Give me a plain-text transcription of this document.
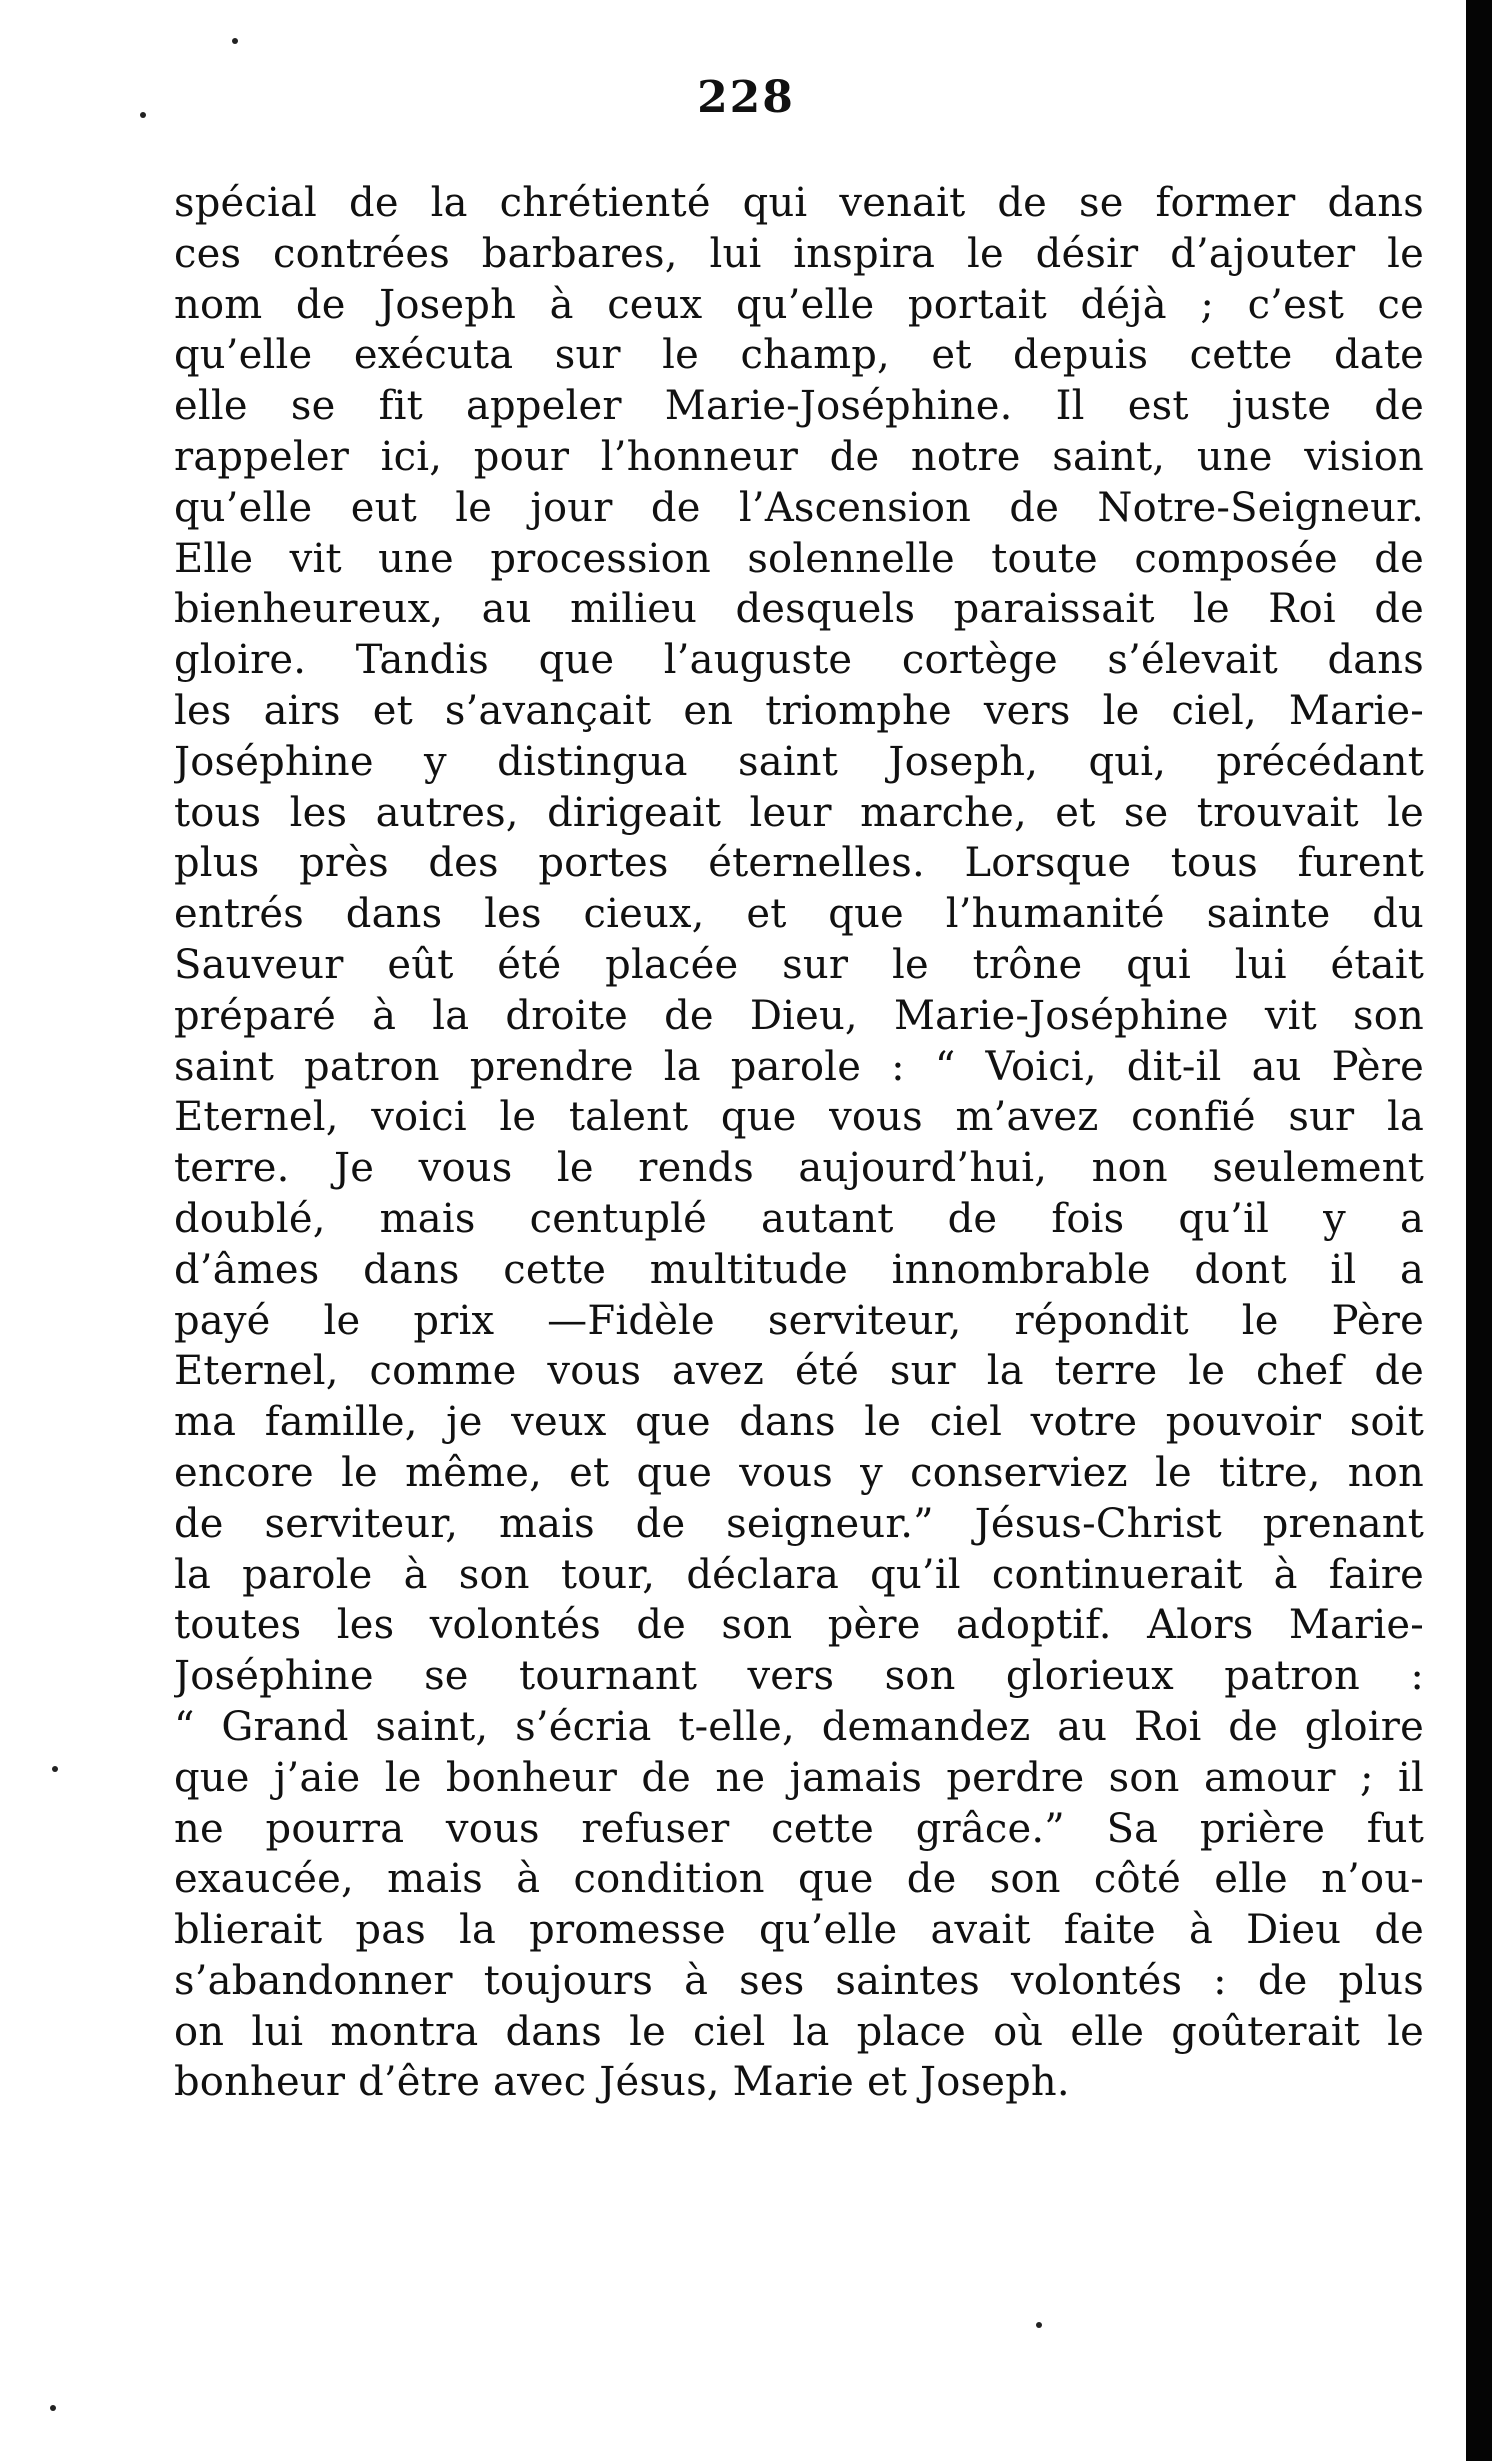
228
spécial de la chrétienté qui venait de se former dans
ces contrées barbares, lui inspira le désir d’ajouter le
nom de Joseph à ceux qu’elle portait déjà ; c’est ce
qu’elle exécuta sur le champ, et depuis cette date
elle se fit appeler Marie-Joséphine. Il est juste de
rappeler ici, pour l’honneur de notre saint, une vision
qu’elle eut le jour de l’Ascension de Notre-Seigneur.
Elle vit une procession solennelle toute composée de
bienheureux, au milieu desquels paraissait le Roi de
gloire. Tandis que l’auguste cortège s’élevait dans
les airs et s’avançait en triomphe vers le ciel, Marie-
Joséphine y distingua saint Joseph, qui, précédant
tous les autres, dirigeait leur marche, et se trouvait le
plus près des portes éternelles. Lorsque tous furent
entrés dans les cieux, et que l’humanité sainte du
Sauveur eût été placée sur le trône qui lui était
préparé à la droite de Dieu, Marie-Joséphine vit son
saint patron prendre la parole : “ Voici, dit-il au Père
Eternel, voici le talent que vous m’avez confié sur la
terre. Je vous le rends aujourd’hui, non seulement
doublé, mais centuplé autant de fois qu’il y a
d’âmes dans cette multitude innombrable dont il a
payé le prix —Fidèle serviteur, répondit le Père
Eternel, comme vous avez été sur la terre le chef de
ma famille, je veux que dans le ciel votre pouvoir soit
encore le même, et que vous y conserviez le titre, non
de serviteur, mais de seigneur.” Jésus-Christ prenant
la parole à son tour, déclara qu’il continuerait à faire
toutes les volontés de son père adoptif. Alors Marie-
Joséphine se tournant vers son glorieux patron :
“ Grand saint, s’écria t-elle, demandez au Roi de gloire
que j’aie le bonheur de ne jamais perdre son amour ; il
ne pourra vous refuser cette grâce.” Sa prière fut
exaucée, mais à condition que de son côté elle n’ou-
blierait pas la promesse qu’elle avait faite à Dieu de
s’abandonner toujours à ses saintes volontés : de plus
on lui montra dans le ciel la place où elle goûterait le
bonheur d’être avec Jésus, Marie et Joseph.
